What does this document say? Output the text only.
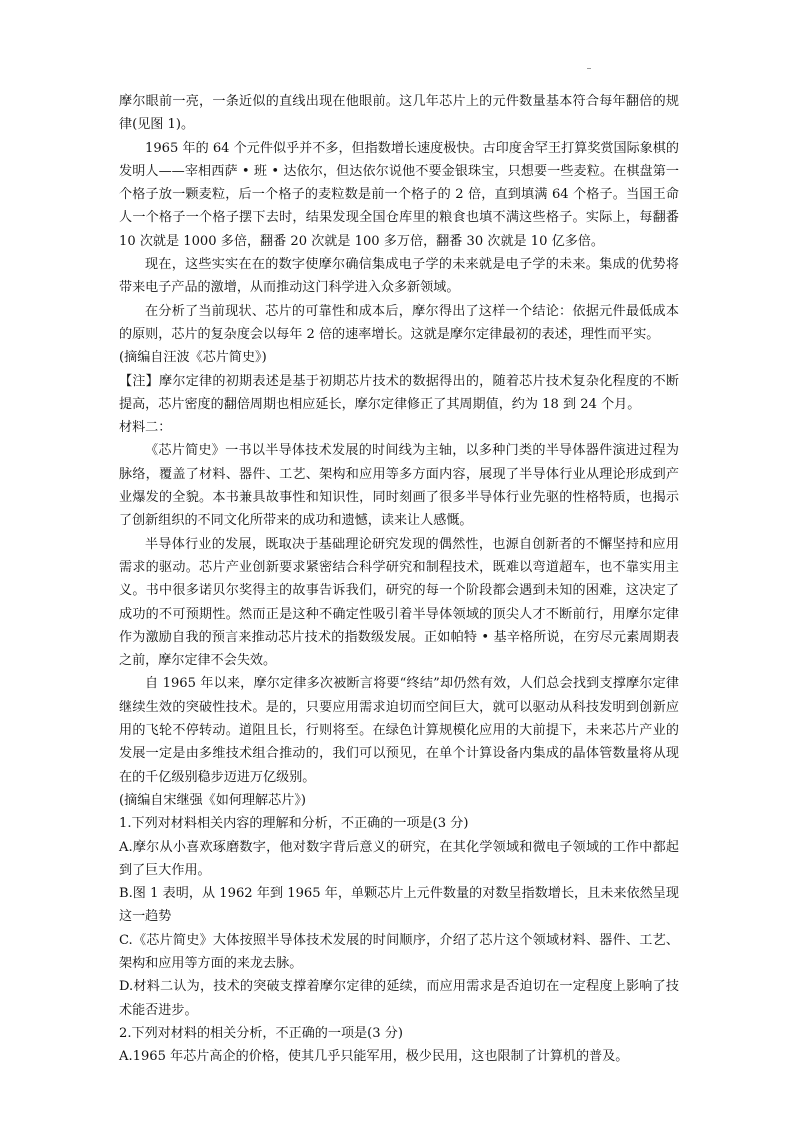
摩尔眼前一亮，一条近似的直线出现在他眼前。这几年芯片上的元件数量基本符合每年翻倍的规律(见图 1)。

1965 年的 64 个元件似乎并不多，但指数增长速度极快。古印度舍罕王打算奖赏国际象棋的发明人——宰相西萨 • 班 • 达依尔，但达依尔说他不要金银珠宝，只想要一些麦粒。在棋盘第一个格子放一颗麦粒，后一个格子的麦粒数是前一个格子的 2 倍，直到填满 64 个格子。当国王命人一个格子一个格子摆下去时，结果发现全国仓库里的粮食也填不满这些格子。实际上，每翻番 10 次就是 1000 多倍，翻番 20 次就是 100 多万倍，翻番 30 次就是 10 亿多倍。

现在，这些实实在在的数字使摩尔确信集成电子学的未来就是电子学的未来。集成的优势将带来电子产品的激增，从而推动这门科学进入众多新领域。

在分析了当前现状、芯片的可靠性和成本后，摩尔得出了这样一个结论：依据元件最低成本的原则，芯片的复杂度会以每年 2 倍的速率增长。这就是摩尔定律最初的表述，理性而平实。

(摘编自汪波《芯片简史》)

【注】摩尔定律的初期表述是基于初期芯片技术的数据得出的，随着芯片技术复杂化程度的不断提高，芯片密度的翻倍周期也相应延长，摩尔定律修正了其周期值，约为 18 到 24 个月。

材料二：

《芯片简史》一书以半导体技术发展的时间线为主轴，以多种门类的半导体器件演进过程为脉络，覆盖了材料、器件、工艺、架构和应用等多方面内容，展现了半导体行业从理论形成到产业爆发的全貌。本书兼具故事性和知识性，同时刻画了很多半导体行业先驱的性格特质，也揭示了创新组织的不同文化所带来的成功和遗憾，读来让人感慨。

半导体行业的发展，既取决于基础理论研究发现的偶然性，也源自创新者的不懈坚持和应用需求的驱动。芯片产业创新要求紧密结合科学研究和制程技术，既难以弯道超车，也不靠实用主义。书中很多诺贝尔奖得主的故事告诉我们，研究的每一个阶段都会遇到未知的困难，这决定了成功的不可预期性。然而正是这种不确定性吸引着半导体领域的顶尖人才不断前行，用摩尔定律作为激励自我的预言来推动芯片技术的指数级发展。正如帕特 • 基辛格所说，在穷尽元素周期表之前，摩尔定律不会失效。

自 1965 年以来，摩尔定律多次被断言将要“终结”却仍然有效，人们总会找到支撑摩尔定律继续生效的突破性技术。是的，只要应用需求迫切而空间巨大，就可以驱动从科技发明到创新应用的飞轮不停转动。道阻且长，行则将至。在绿色计算规模化应用的大前提下，未来芯片产业的发展一定是由多维技术组合推动的，我们可以预见，在单个计算设备内集成的晶体管数量将从现在的千亿级别稳步迈进万亿级别。

(摘编自宋继强《如何理解芯片》)

1.下列对材料相关内容的理解和分析，不正确的一项是(3 分)

A.摩尔从小喜欢琢磨数字，他对数字背后意义的研究，在其化学领域和微电子领域的工作中都起到了巨大作用。

B.图 1 表明，从 1962 年到 1965 年，单颗芯片上元件数量的对数呈指数增长，且未来依然呈现这一趋势

C.《芯片简史》大体按照半导体技术发展的时间顺序，介绍了芯片这个领域材料、器件、工艺、架构和应用等方面的来龙去脉。

D.材料二认为，技术的突破支撑着摩尔定律的延续，而应用需求是否迫切在一定程度上影响了技术能否进步。

2.下列对材料的相关分析，不正确的一项是(3 分)

A.1965 年芯片高企的价格，使其几乎只能军用，极少民用，这也限制了计算机的普及。
